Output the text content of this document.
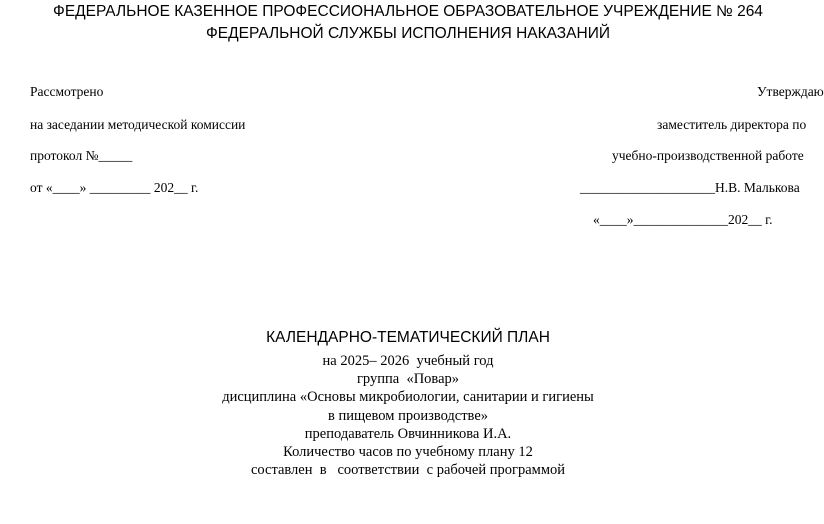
ФЕДЕРАЛЬНОЕ КАЗЕННОЕ ПРОФЕССИОНАЛЬНОЕ ОБРАЗОВАТЕЛЬНОЕ УЧРЕЖДЕНИЕ № 264
ФЕДЕРАЛЬНОЙ СЛУЖБЫ ИСПОЛНЕНИЯ НАКАЗАНИЙ
Рассмотрено
на заседании методической комиссии
протокол №_____
от «____» _________ 202__ г.
Утверждаю
заместитель директора по
учебно-производственной работе
____________________Н.В. Малькова
«____»______________202__ г.
КАЛЕНДАРНО-ТЕМАТИЧЕСКИЙ ПЛАН
на 2025– 2026  учебный год
группа  «Повар»
дисциплина «Основы микробиологии, санитарии и гигиены
в пищевом производстве»
преподаватель Овчинникова И.А.
Количество часов по учебному плану 12
составлен  в   соответствии  с рабочей программой
